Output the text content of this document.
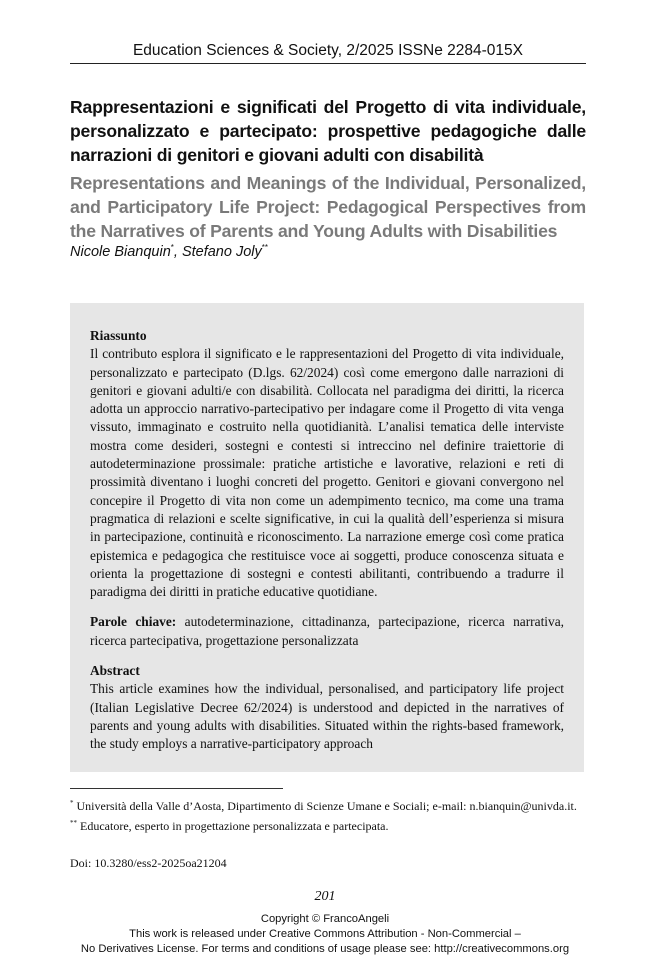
Education Sciences & Society, 2/2025 ISSNe 2284-015X
Rappresentazioni e significati del Progetto di vita individuale, personalizzato e partecipato: prospettive pedagogiche dalle narrazioni di genitori e giovani adulti con disabilità
Representations and Meanings of the Individual, Personalized, and Participatory Life Project: Pedagogical Perspectives from the Narratives of Parents and Young Adults with Disabilities
Nicole Bianquin*, Stefano Joly**

Riassunto

Il contributo esplora il significato e le rappresentazioni del Progetto di vita individuale, personalizzato e partecipato (D.lgs. 62/2024) così come emergono dalle narrazioni di genitori e giovani adulti/e con disabilità. Collocata nel paradigma dei diritti, la ricerca adotta un approccio narrativo-partecipativo per indagare come il Progetto di vita venga vissuto, immaginato e costruito nella quotidianità. L’analisi tematica delle interviste mostra come desideri, sostegni e contesti si intreccino nel definire traiettorie di autodeterminazione prossimale: pratiche artistiche e lavorative, relazioni e reti di prossimità diventano i luoghi concreti del progetto. Genitori e giovani convergono nel concepire il Progetto di vita non come un adempimento tecnico, ma come una trama pragmatica di relazioni e scelte significative, in cui la qualità dell’esperienza si misura in partecipazione, continuità e riconoscimento. La narrazione emerge così come pratica epistemica e pedagogica che restituisce voce ai soggetti, produce conoscenza situata e orienta la progettazione di sostegni e contesti abilitanti, contribuendo a tradurre il paradigma dei diritti in pratiche educative quotidiane.

Parole chiave: autodeterminazione, cittadinanza, partecipazione, ricerca narrativa, ricerca partecipativa, progettazione personalizzata

Abstract

This article examines how the individual, personalised, and participatory life project (Italian Legislative Decree 62/2024) is understood and depicted in the narratives of parents and young adults with disabilities. Situated within the rights-based framework, the study employs a narrative-participatory approach

* Università della Valle d’Aosta, Dipartimento di Scienze Umane e Sociali; e-mail: n.bianquin@univda.it.

** Educatore, esperto in progettazione personalizzata e partecipata.

Doi: 10.3280/ess2-2025oa21204
201
Copyright © FrancoAngeli
This work is released under Creative Commons Attribution - Non-Commercial –
No Derivatives License. For terms and conditions of usage please see: http://creativecommons.org
